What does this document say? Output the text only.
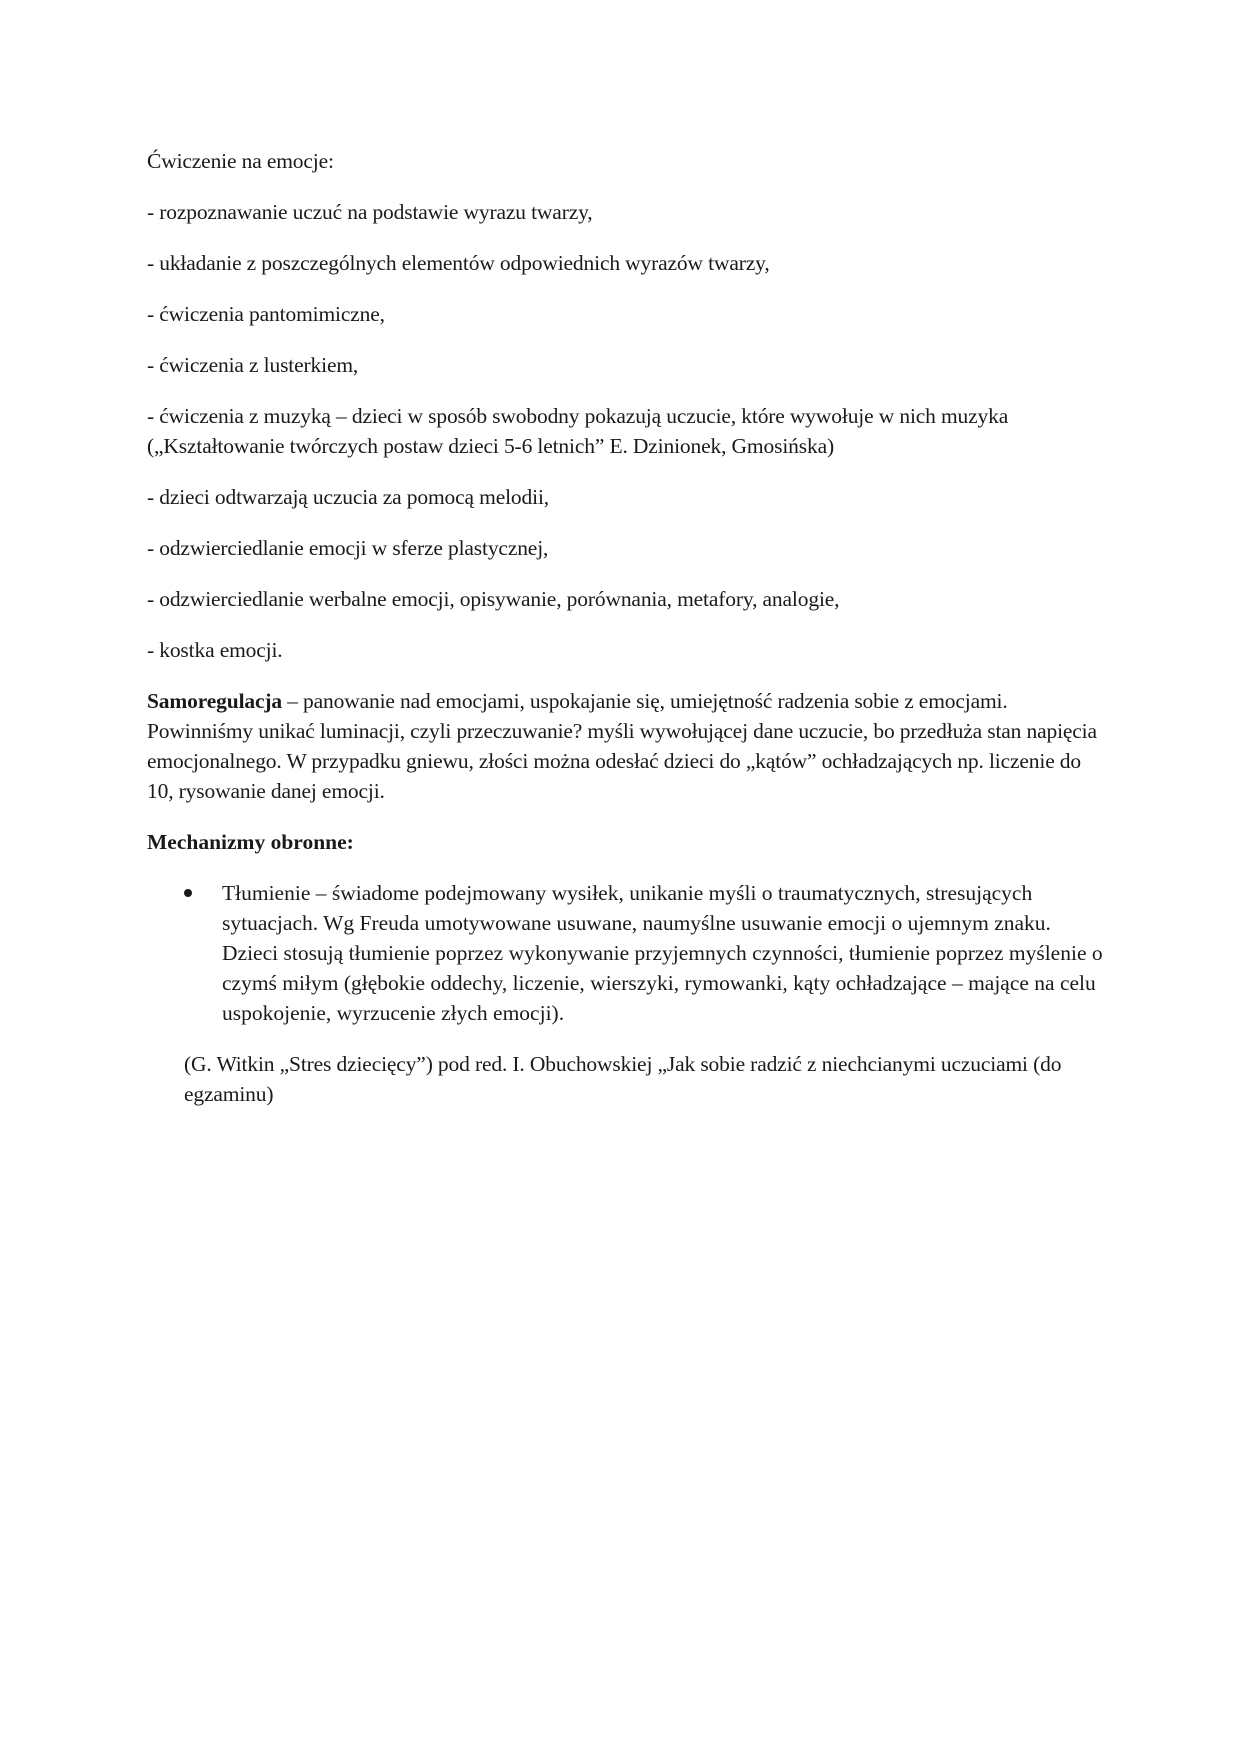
Ćwiczenie na emocje:

- rozpoznawanie uczuć na podstawie wyrazu twarzy,

- układanie z poszczególnych elementów odpowiednich wyrazów twarzy,

- ćwiczenia pantomimiczne,

- ćwiczenia z lusterkiem,

- ćwiczenia z muzyką – dzieci w sposób swobodny pokazują uczucie, które wywołuje w nich muzyka („Kształtowanie twórczych postaw dzieci 5-6 letnich” E. Dzinionek, Gmosińska)

- dzieci odtwarzają uczucia za pomocą melodii,

- odzwierciedlanie emocji w sferze plastycznej,

- odzwierciedlanie werbalne emocji, opisywanie, porównania, metafory, analogie,

- kostka emocji.

Samoregulacja – panowanie nad emocjami, uspokajanie się, umiejętność radzenia sobie z emocjami. Powinniśmy unikać luminacji, czyli przeczuwanie? myśli wywołującej dane uczucie, bo przedłuża stan napięcia emocjonalnego. W przypadku gniewu, złości można odesłać dzieci do „kątów” ochładzających np. liczenie do 10, rysowanie danej emocji.

Mechanizmy obronne:

Tłumienie – świadome podejmowany wysiłek, unikanie myśli o traumatycznych, stresujących sytuacjach. Wg Freuda umotywowane usuwane, naumyślne usuwanie emocji o ujemnym znaku. Dzieci stosują tłumienie poprzez wykonywanie przyjemnych czynności, tłumienie poprzez myślenie o czymś miłym (głębokie oddechy, liczenie, wierszyki, rymowanki, kąty ochładzające – mające na celu uspokojenie, wyrzucenie złych emocji).

(G. Witkin „Stres dziecięcy”) pod red. I. Obuchowskiej „Jak sobie radzić z niechcianymi uczuciami (do egzaminu)
